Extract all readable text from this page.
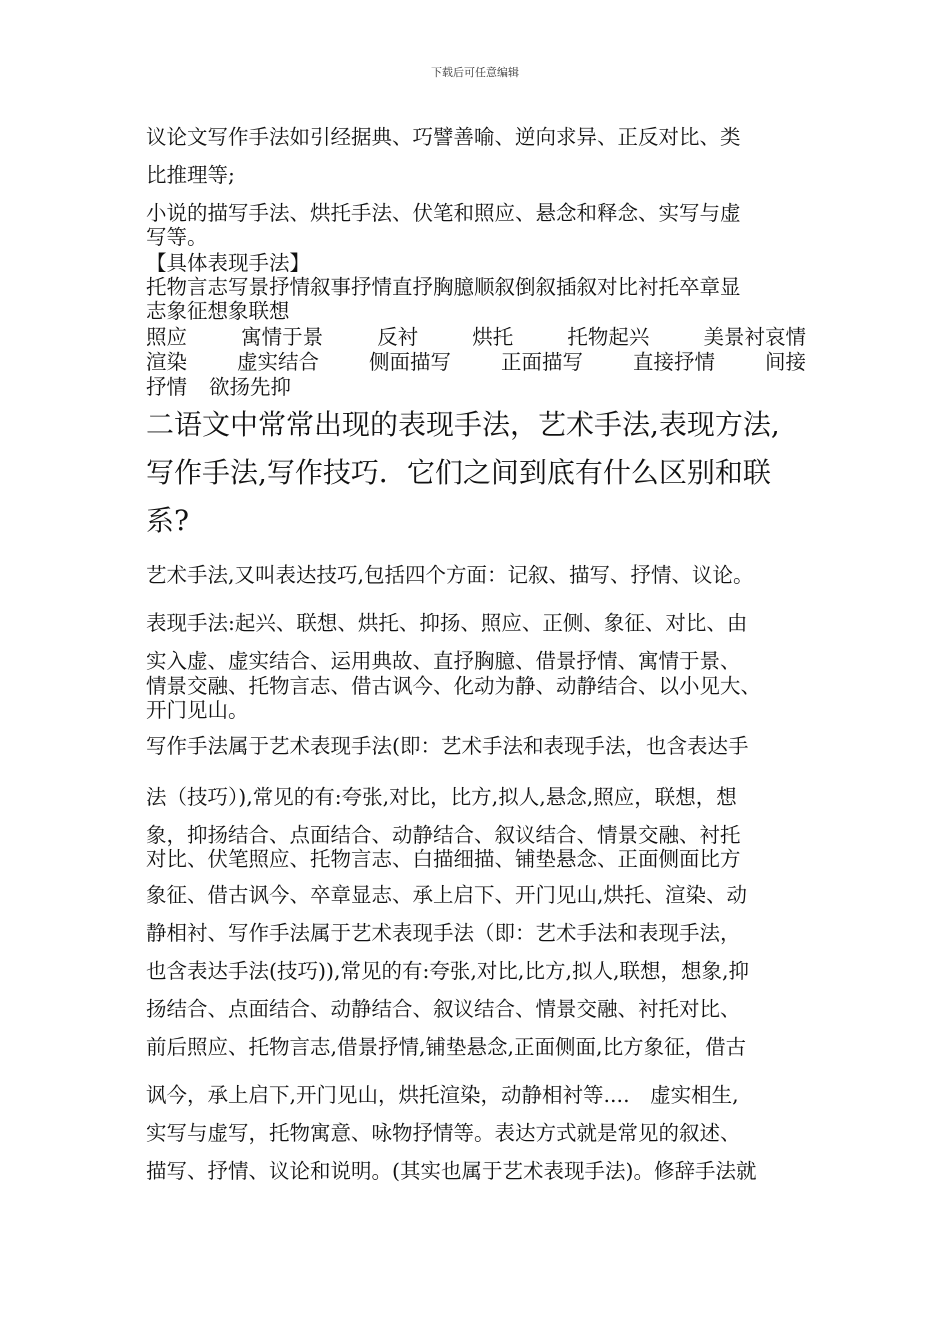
下载后可任意编辑
议论文写作手法如引经据典、巧譬善喻、逆向求异、正反对比、类
比推理等;
小说的描写手法、烘托手法、伏笔和照应、悬念和释念、实写与虚
写等。
【具体表现手法】
托物言志写景抒情叙事抒情直抒胸臆顺叙倒叙插叙对比衬托卒章显
志象征想象联想
照应	寓情于景	反衬	烘托	托物起兴	美景衬哀情
渲染 虚实结合 侧面描写 正面描写 直接抒情 间接
抒情 欲扬先抑
二语文中常常出现的表现手法，艺术手法,表现方法,
写作手法,写作技巧．它们之间到底有什么区别和联
系?
艺术手法,又叫表达技巧,包括四个方面：记叙、描写、抒情、议论。
表现手法:起兴、联想、烘托、抑扬、照应、正侧、象征、对比、由
实入虚、虚实结合、运用典故、直抒胸臆、借景抒情、寓情于景、
情景交融、托物言志、借古讽今、化动为静、动静结合、以小见大、
开门见山。
写作手法属于艺术表现手法(即：艺术手法和表现手法，也含表达手
法（技巧）),常见的有:夸张,对比，比方,拟人,悬念,照应，联想，想
象，抑扬结合、点面结合、动静结合、叙议结合、情景交融、衬托
对比、伏笔照应、托物言志、白描细描、铺垫悬念、正面侧面比方
象征、借古讽今、卒章显志、承上启下、开门见山,烘托、渲染、动
静相衬、写作手法属于艺术表现手法（即：艺术手法和表现手法，
也含表达手法(技巧)),常见的有:夸张,对比,比方,拟人,联想，想象,抑
扬结合、点面结合、动静结合、叙议结合、情景交融、衬托对比、
前后照应、托物言志,借景抒情,铺垫悬念,正面侧面,比方象征，借古
讽今，承上启下,开门见山，烘托渲染，动静相衬等....　虚实相生,
实写与虚写，托物寓意、咏物抒情等。表达方式就是常见的叙述、
描写、抒情、议论和说明。(其实也属于艺术表现手法)。修辞手法就
